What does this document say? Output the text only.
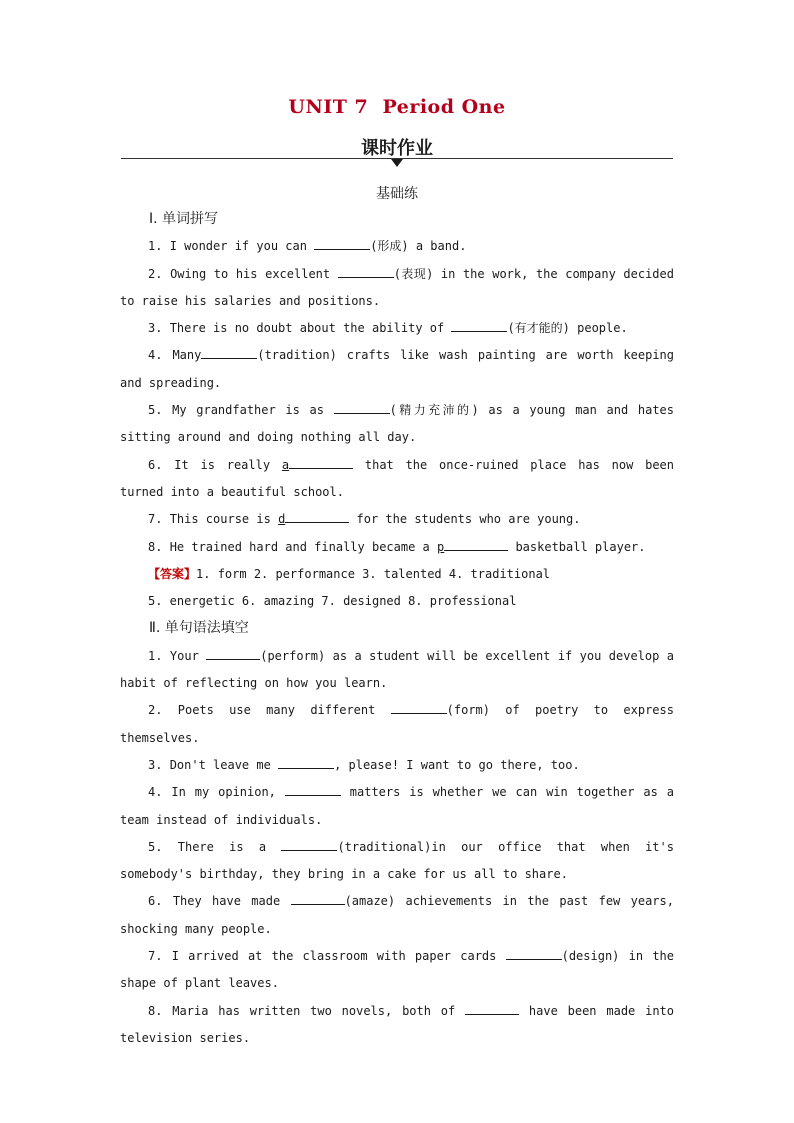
UNIT 7  Period One
课时作业
基础练

Ⅰ. 单词拼写

1. I wonder if you can	(形成) a band.

2. Owing to his excellent	(表现) in the work, the company decided to raise his salaries and positions.

3. There is no doubt about the ability of	(有才能的) people.

4. Many	(tradition) crafts like wash painting are worth keeping and spreading.

5. My grandfather is as	(精力充沛的) as a young man and hates sitting around and doing nothing all day.

6. It is really a	that the once-ruined place has now been turned into a beautiful school.

7. This course is d	for the students who are young.

8. He trained hard and finally became a p	basketball player.

【答案】1. form 2. performance 3. talented 4. traditional

5. energetic 6. amazing 7. designed 8. professional

Ⅱ. 单句语法填空

1. Your	(perform) as a student will be excellent if you develop a habit of reflecting on how you learn.

2. Poets use many different	(form) of poetry to express themselves.

3. Don't leave me	, please! I want to go there, too.

4. In my opinion,	matters is whether we can win together as a team instead of individuals.

5. There is a	(traditional)in our office that when it's somebody's birthday, they bring in a cake for us all to share.

6. They have made	(amaze) achievements in the past few years, shocking many people.

7. I arrived at the classroom with paper cards	(design) in the shape of plant leaves.

8. Maria has written two novels, both of	have been made into television series.
